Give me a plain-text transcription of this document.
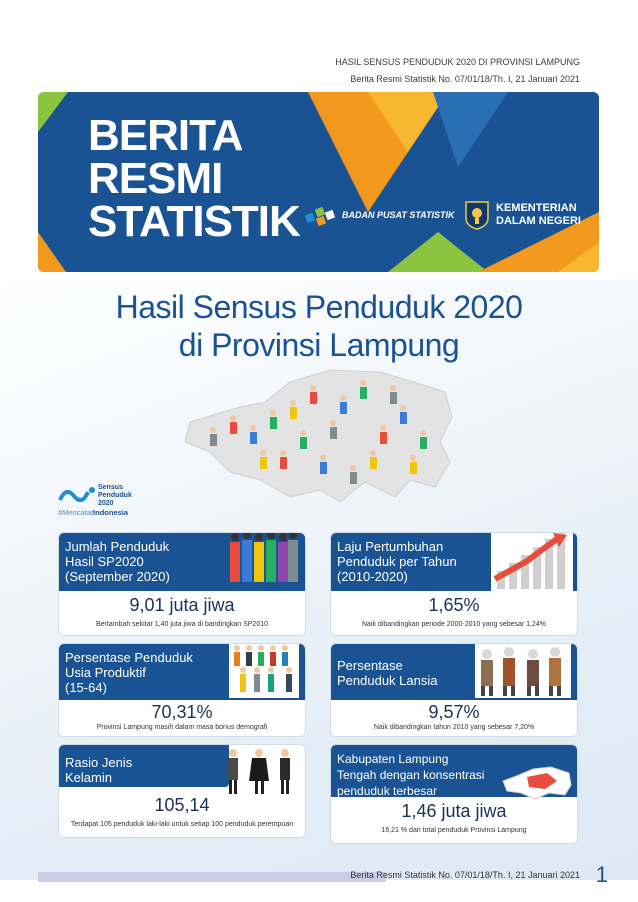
HASIL SENSUS PENDUDUK 2020 DI PROVINSI LAMPUNG
Berita Resmi Statistik No. 07/01/18/Th. I, 21 Januari 2021
BERITA
RESMI
STATISTIK	BADAN PUSAT STATISTIK
KEMENTERIAN
DALAM NEGERI
Hasil Sensus Penduduk 2020
di Provinsi Lampung
Sensus
Penduduk
2020
#MencatatIndonesia
Jumlah Penduduk
Hasil SP2020
(September 2020)
9,01 juta jiwa
Bertambah sekitar 1,40 juta jiwa di bandingkan SP2010
Laju Pertumbuhan
Penduduk per Tahun
(2010-2020)
1,65%
Naik dibandingkan periode 2000-2010 yang sebesar 1,24%
Persentase Penduduk
Usia Produktif
(15-64)
70,31%
Provinsi Lampung masih dalam masa bonus demografi
Persentase
Penduduk Lansia
9,57%
Naik dibandingkan tahun 2010 yang sebesar 7,20%
Rasio Jenis
Kelamin
105,14
Terdapat 105 penduduk laki-laki untuk setiap 100 penduduk perempuan
Kabupaten Lampung
Tengah dengan konsentrasi
penduduk terbesar
1,46 juta jiwa
16,21 % dari total penduduk Provinsi Lampung
Berita Resmi Statistik No. 07/01/18/Th. I, 21 Januari 2021 1
